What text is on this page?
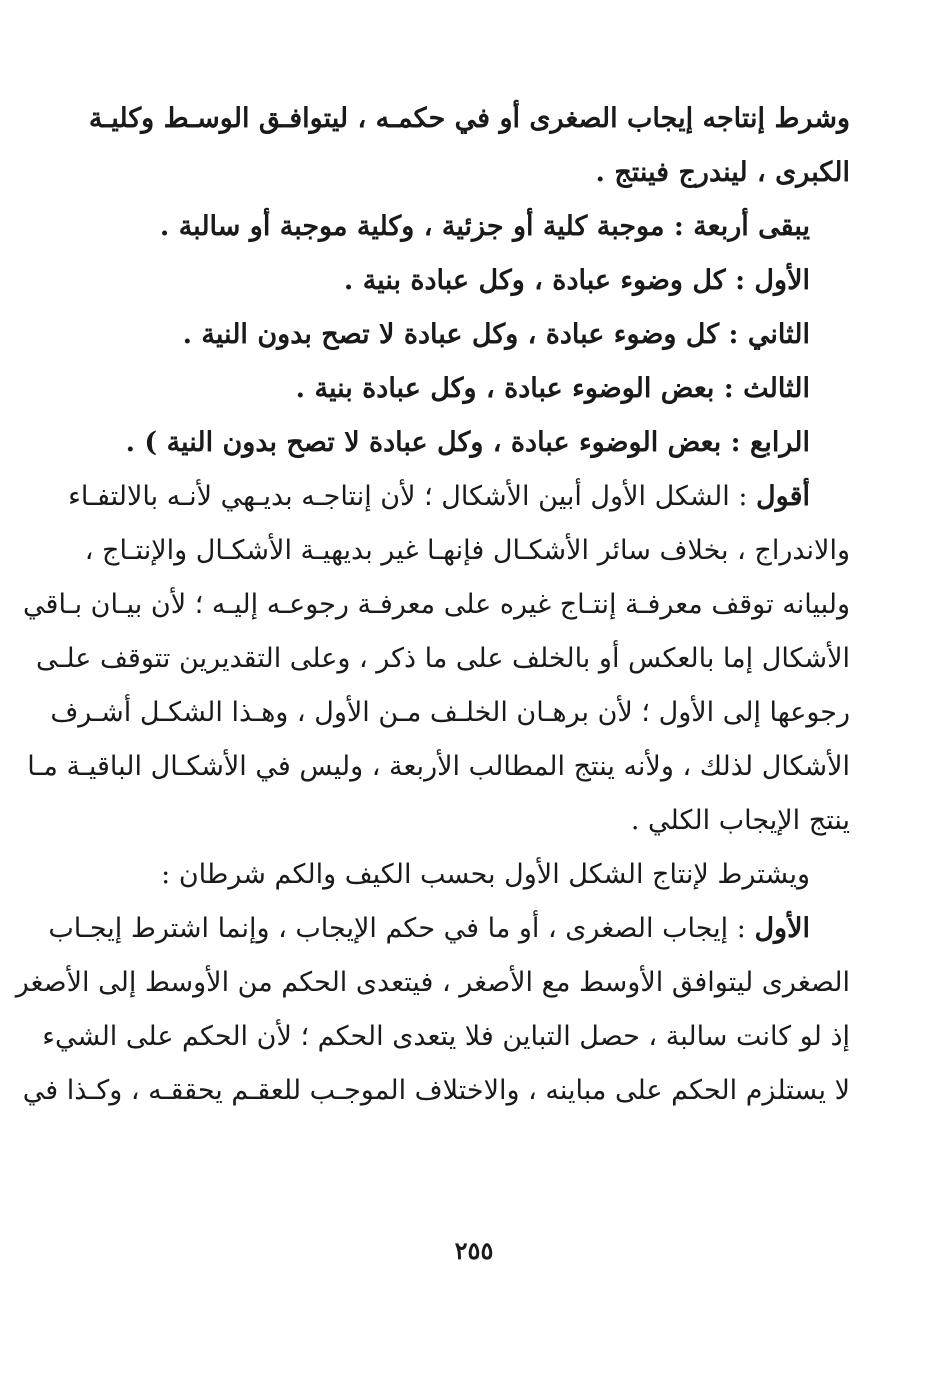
وشرط إنتاجه إيجاب الصغرى أو في حكمـه ، ليتوافـق الوسـط وكليـة
الكبرى ، ليندرج فينتج .
يبقى أربعة : موجبة كلية أو جزئية ، وكلية موجبة أو سالبة .
الأول : كل وضوء عبادة ، وكل عبادة بنية .
الثاني : كل وضوء عبادة ، وكل عبادة لا تصح بدون النية .
الثالث : بعض الوضوء عبادة ، وكل عبادة بنية .
الرابع : بعض الوضوء عبادة ، وكل عبادة لا تصح بدون النية ) .
أقول : الشكل الأول أبين الأشكال ؛ لأن إنتاجـه بديـهي لأنـه بالالتفـاء
والاندراج ، بخلاف سائر الأشكـال فإنهـا غير بديهيـة الأشكـال والإنتـاج ،
ولبيانه توقف معرفـة إنتـاج غيره على معرفـة رجوعـه إليـه ؛ لأن بيـان بـاقي
الأشكال إما بالعكس أو بالخلف على ما ذكر ، وعلى التقديرين تتوقف علـى
رجوعها إلى الأول ؛ لأن برهـان الخلـف مـن الأول ، وهـذا الشكـل أشـرف
الأشكال لذلك ، ولأنه ينتج المطالب الأربعة ، وليس في الأشكـال الباقيـة مـا
ينتج الإيجاب الكلي .
ويشترط لإنتاج الشكل الأول بحسب الكيف والكم شرطان :
الأول : إيجاب الصغرى ، أو ما في حكم الإيجاب ، وإنما اشترط إيجـاب
الصغرى ليتوافق الأوسط مع الأصغر ، فيتعدى الحكم من الأوسط إلى الأصغر
إذ لو كانت سالبة ، حصل التباين فلا يتعدى الحكم ؛ لأن الحكم على الشيء
لا يستلزم الحكم على مباينه ، والاختلاف الموجـب للعقـم يحققـه ، وكـذا في
٢٥٥
